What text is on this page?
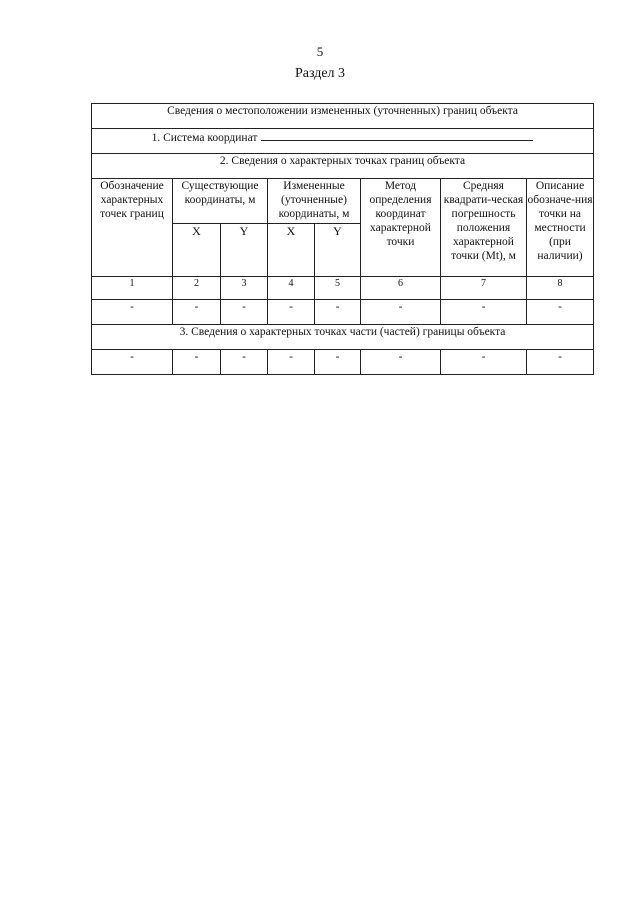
5
Раздел 3
Сведения о местоположении измененных (уточненных) границ объекта							
1. Система координат							
2. Сведения о характерных точках границ объекта							
Обозначение характерных точек границ	Существующие координаты, м		Измененные (уточненные) координаты, м		Метод определения координат характерной точки	Средняя квадрати-ческая погрешность положения характерной точки (Mt), м	Описание обозначе-ния точки на местности (при наличии)
	X	Y	X	Y			
1	2	3	4	5	6	7	8
-	-	-	-	-	-	-	-
3. Сведения о характерных точках части (частей) границы объекта							
-	-	-	-	-	-	-	-
